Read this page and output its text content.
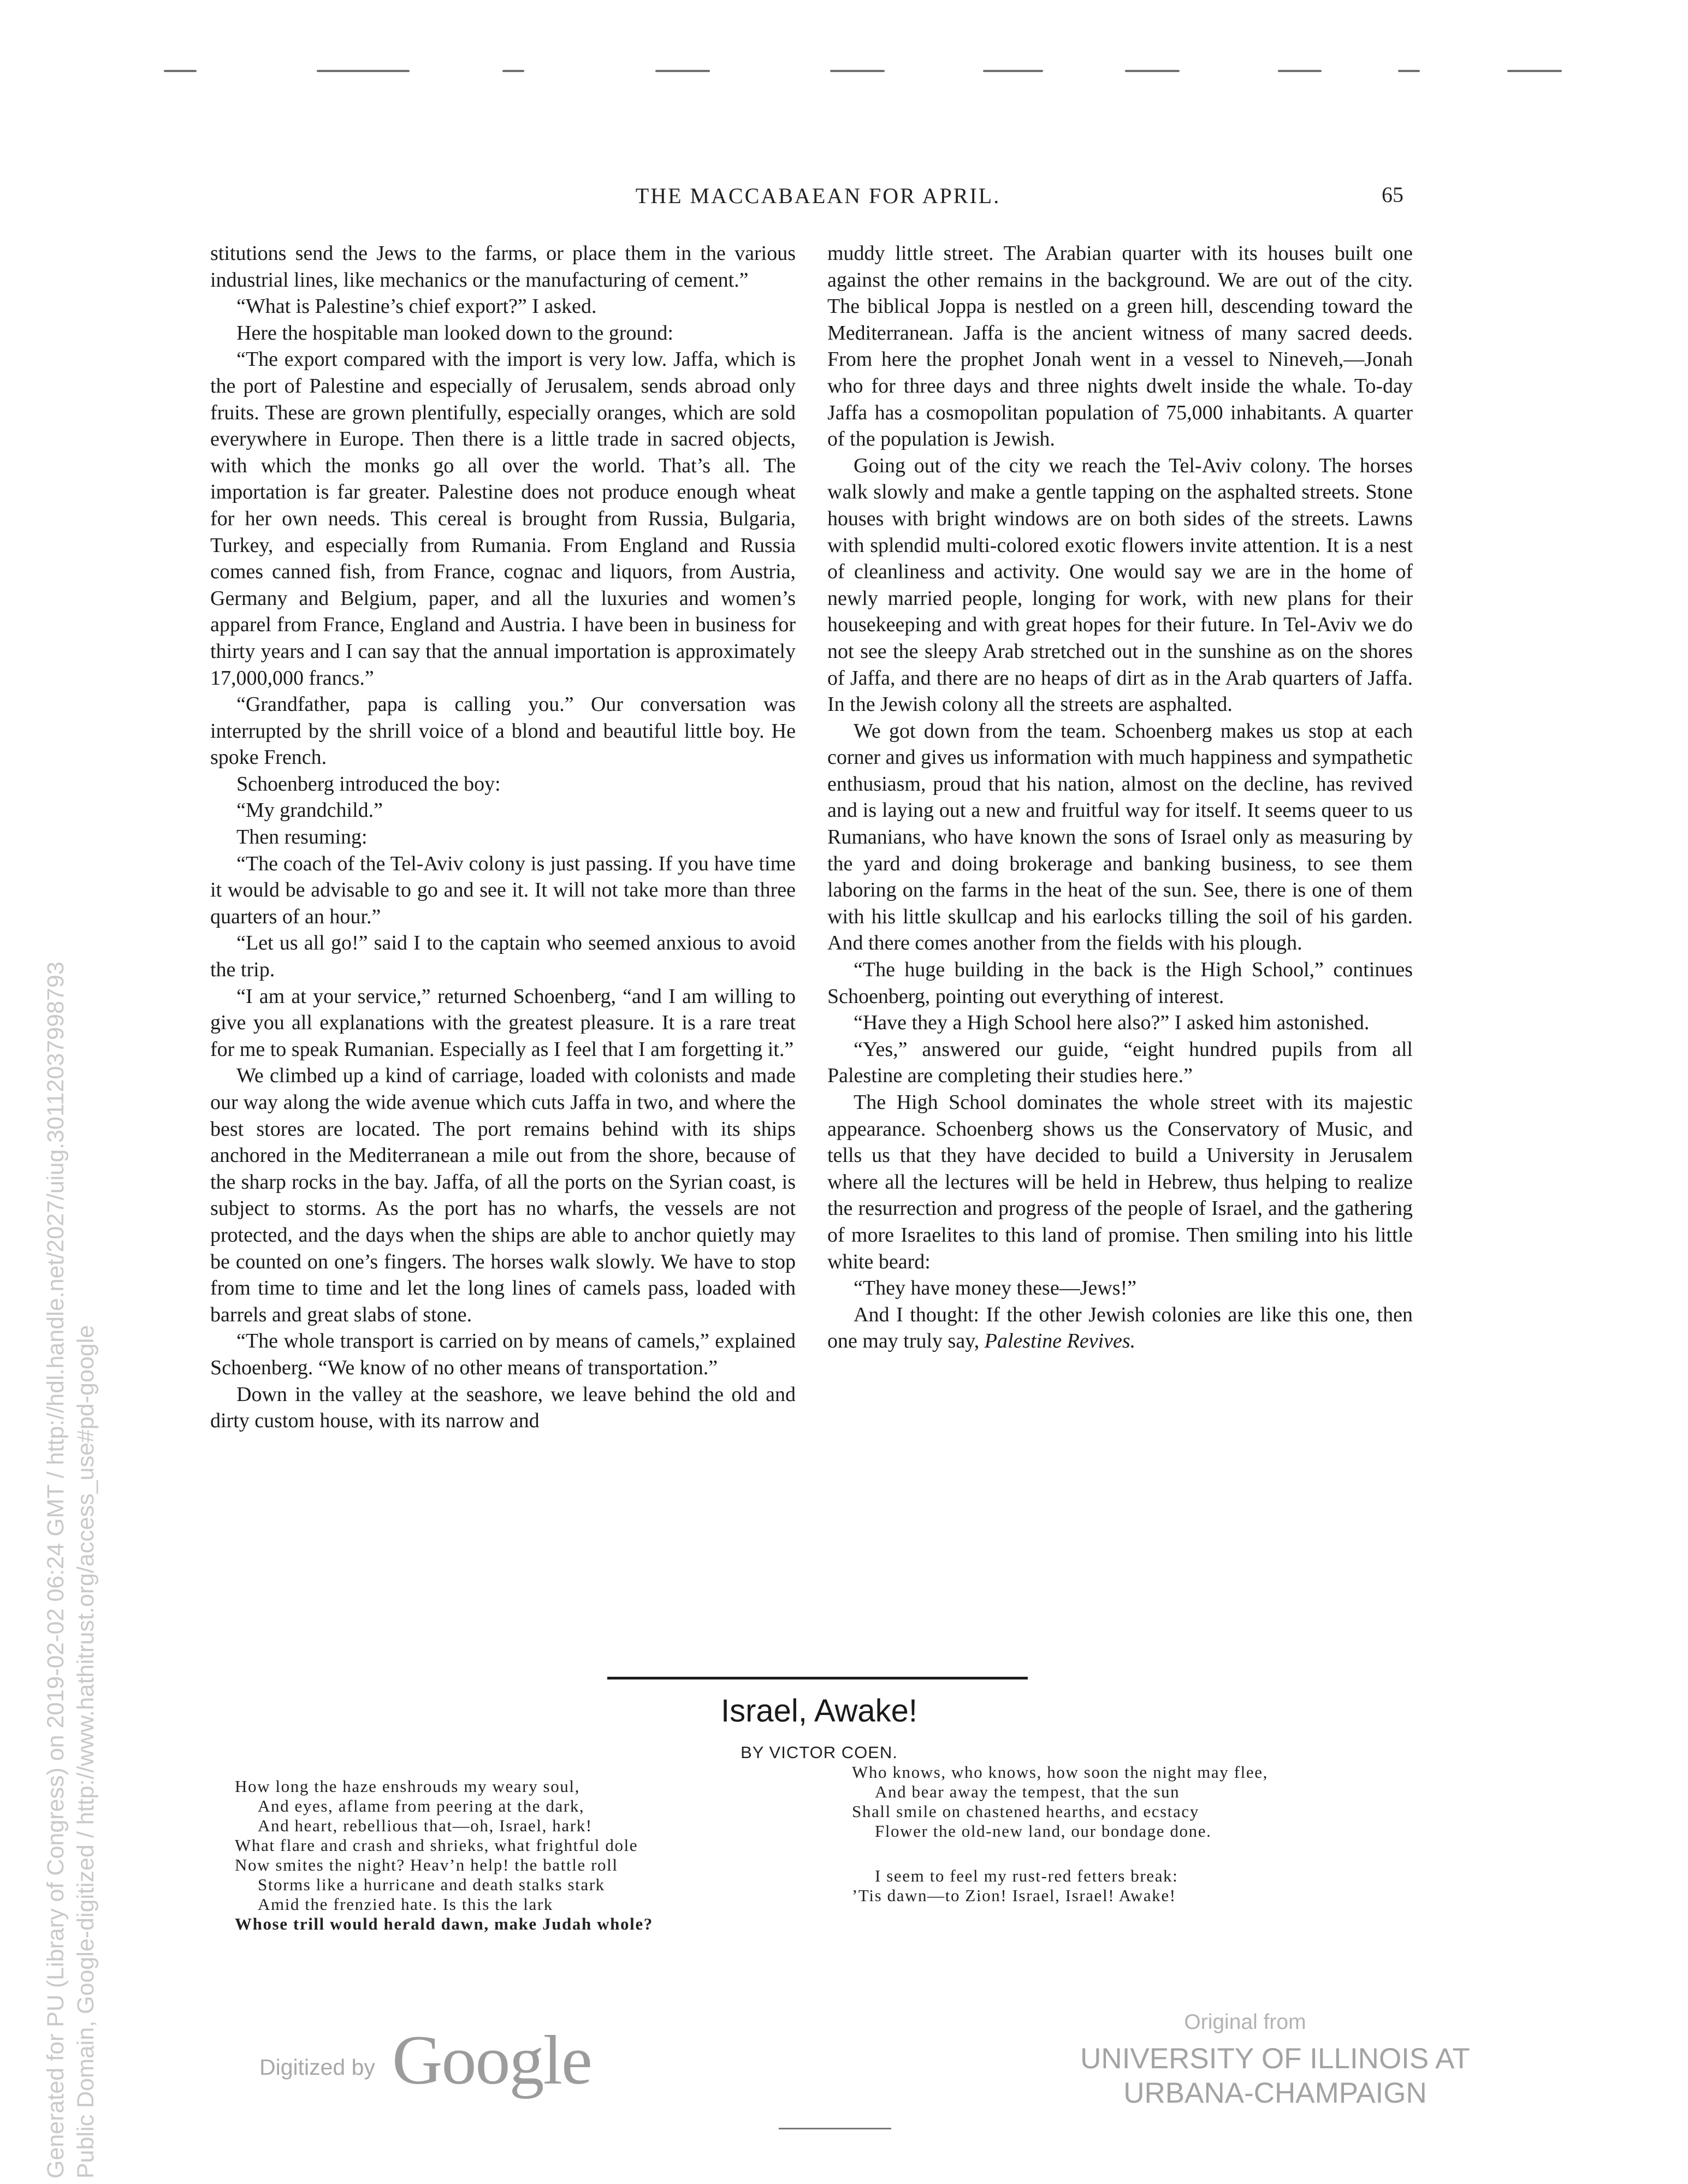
THE MACCABAEAN FOR APRIL.	65

stitutions send the Jews to the farms, or place them in the various industrial lines, like mechanics or the manufacturing of cement.”

“What is Palestine’s chief export?” I asked.

Here the hospitable man looked down to the ground:

“The export compared with the import is very low. Jaffa, which is the port of Palestine and especially of Jerusalem, sends abroad only fruits. These are grown plentifully, especially oranges, which are sold everywhere in Europe. Then there is a little trade in sacred objects, with which the monks go all over the world. That’s all. The importation is far greater. Palestine does not produce enough wheat for her own needs. This cereal is brought from Russia, Bulgaria, Turkey, and especially from Rumania. From England and Russia comes canned fish, from France, cognac and liquors, from Austria, Germany and Belgium, paper, and all the luxuries and women’s apparel from France, England and Austria. I have been in business for thirty years and I can say that the annual importation is approximately 17,000,000 francs.”

“Grandfather, papa is calling you.” Our conversation was interrupted by the shrill voice of a blond and beautiful little boy. He spoke French.

Schoenberg introduced the boy:

“My grandchild.”

Then resuming:

“The coach of the Tel-Aviv colony is just passing. If you have time it would be advisable to go and see it. It will not take more than three quarters of an hour.”

“Let us all go!” said I to the captain who seemed anxious to avoid the trip.

“I am at your service,” returned Schoenberg, “and I am willing to give you all explanations with the greatest pleasure. It is a rare treat for me to speak Rumanian. Especially as I feel that I am forgetting it.”

We climbed up a kind of carriage, loaded with colonists and made our way along the wide avenue which cuts Jaffa in two, and where the best stores are located. The port remains behind with its ships anchored in the Mediterranean a mile out from the shore, because of the sharp rocks in the bay. Jaffa, of all the ports on the Syrian coast, is subject to storms. As the port has no wharfs, the vessels are not protected, and the days when the ships are able to anchor quietly may be counted on one’s fingers. The horses walk slowly. We have to stop from time to time and let the long lines of camels pass, loaded with barrels and great slabs of stone.

“The whole transport is carried on by means of camels,” explained Schoenberg. “We know of no other means of transportation.”

Down in the valley at the seashore, we leave behind the old and dirty custom house, with its narrow and

muddy little street. The Arabian quarter with its houses built one against the other remains in the background. We are out of the city. The biblical Joppa is nestled on a green hill, descending toward the Mediterranean. Jaffa is the ancient witness of many sacred deeds. From here the prophet Jonah went in a vessel to Nineveh,—Jonah who for three days and three nights dwelt inside the whale. To-day Jaffa has a cosmopolitan population of 75,000 inhabitants. A quarter of the population is Jewish.

Going out of the city we reach the Tel-Aviv colony. The horses walk slowly and make a gentle tapping on the asphalted streets. Stone houses with bright windows are on both sides of the streets. Lawns with splendid multi-colored exotic flowers invite attention. It is a nest of cleanliness and activity. One would say we are in the home of newly married people, longing for work, with new plans for their housekeeping and with great hopes for their future. In Tel-Aviv we do not see the sleepy Arab stretched out in the sunshine as on the shores of Jaffa, and there are no heaps of dirt as in the Arab quarters of Jaffa. In the Jewish colony all the streets are asphalted.

We got down from the team. Schoenberg makes us stop at each corner and gives us information with much happiness and sympathetic enthusiasm, proud that his nation, almost on the decline, has revived and is laying out a new and fruitful way for itself. It seems queer to us Rumanians, who have known the sons of Israel only as measuring by the yard and doing brokerage and banking business, to see them laboring on the farms in the heat of the sun. See, there is one of them with his little skullcap and his earlocks tilling the soil of his garden. And there comes another from the fields with his plough.

“The huge building in the back is the High School,” continues Schoenberg, pointing out everything of interest.

“Have they a High School here also?” I asked him astonished.

“Yes,” answered our guide, “eight hundred pupils from all Palestine are completing their studies here.”

The High School dominates the whole street with its majestic appearance. Schoenberg shows us the Conservatory of Music, and tells us that they have decided to build a University in Jerusalem where all the lectures will be held in Hebrew, thus helping to realize the resurrection and progress of the people of Israel, and the gathering of more Israelites to this land of promise. Then smiling into his little white beard:

“They have money these—Jews!”

And I thought: If the other Jewish colonies are like this one, then one may truly say, Palestine Revives.

Israel, Awake!
BY VICTOR COEN.
How long the haze enshrouds my weary soul,
And eyes, aflame from peering at the dark,
And heart, rebellious that—oh, Israel, hark!
What flare and crash and shrieks, what frightful dole
Now smites the night? Heav’n help! the battle roll
Storms like a hurricane and death stalks stark
Amid the frenzied hate. Is this the lark
Whose trill would herald dawn, make Judah whole?
Who knows, who knows, how soon the night may flee,
And bear away the tempest, that the sun
Shall smile on chastened hearths, and ecstacy
Flower the old-new land, our bondage done.
I seem to feel my rust-red fetters break:
’Tis dawn—to Zion! Israel, Israel! Awake!
Generated for PU (Library of Congress) on 2019-02-02 06:24 GMT / http://hdl.handle.net/2027/uiug.30112037998793 Public Domain, Google-digitized / http://www.hathitrust.org/access_use#pd-google	Digitized by Google	Original from
UNIVERSITY OF ILLINOIS AT
URBANA-CHAMPAIGN
